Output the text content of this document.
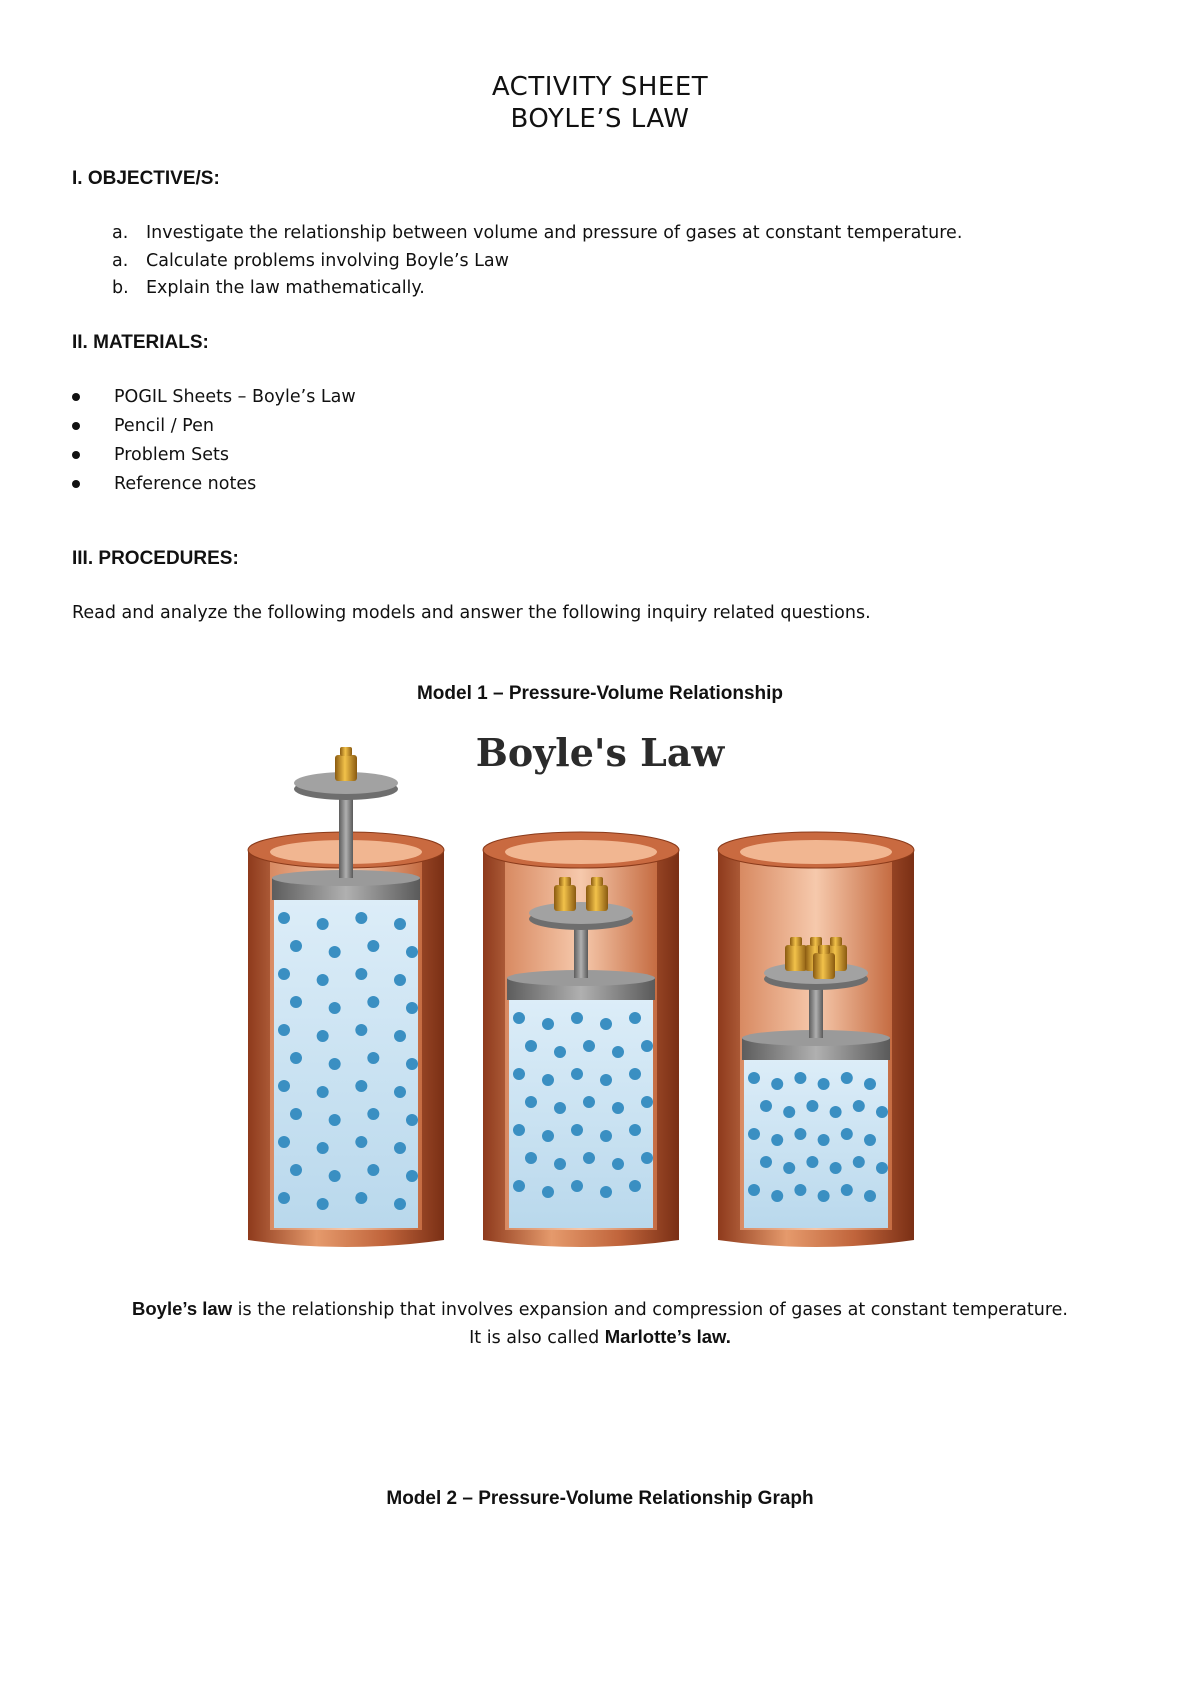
ACTIVITY SHEET
BOYLE’S LAW
I. OBJECTIVE/S:
a. Investigate the relationship between volume and pressure of gases at constant temperature.
a. Calculate problems involving Boyle’s Law
b. Explain the law mathematically.
II. MATERIALS:
POGIL Sheets – Boyle’s Law
Pencil / Pen
Problem Sets
Reference notes
III. PROCEDURES:
Read and analyze the following models and answer the following inquiry related questions.
Model 1 – Pressure-Volume Relationship
Boyle's Law
Boyle’s law is the relationship that involves expansion and compression of gases at constant temperature.
It is also called Marlotte’s law.
Model 2 – Pressure-Volume Relationship Graph
